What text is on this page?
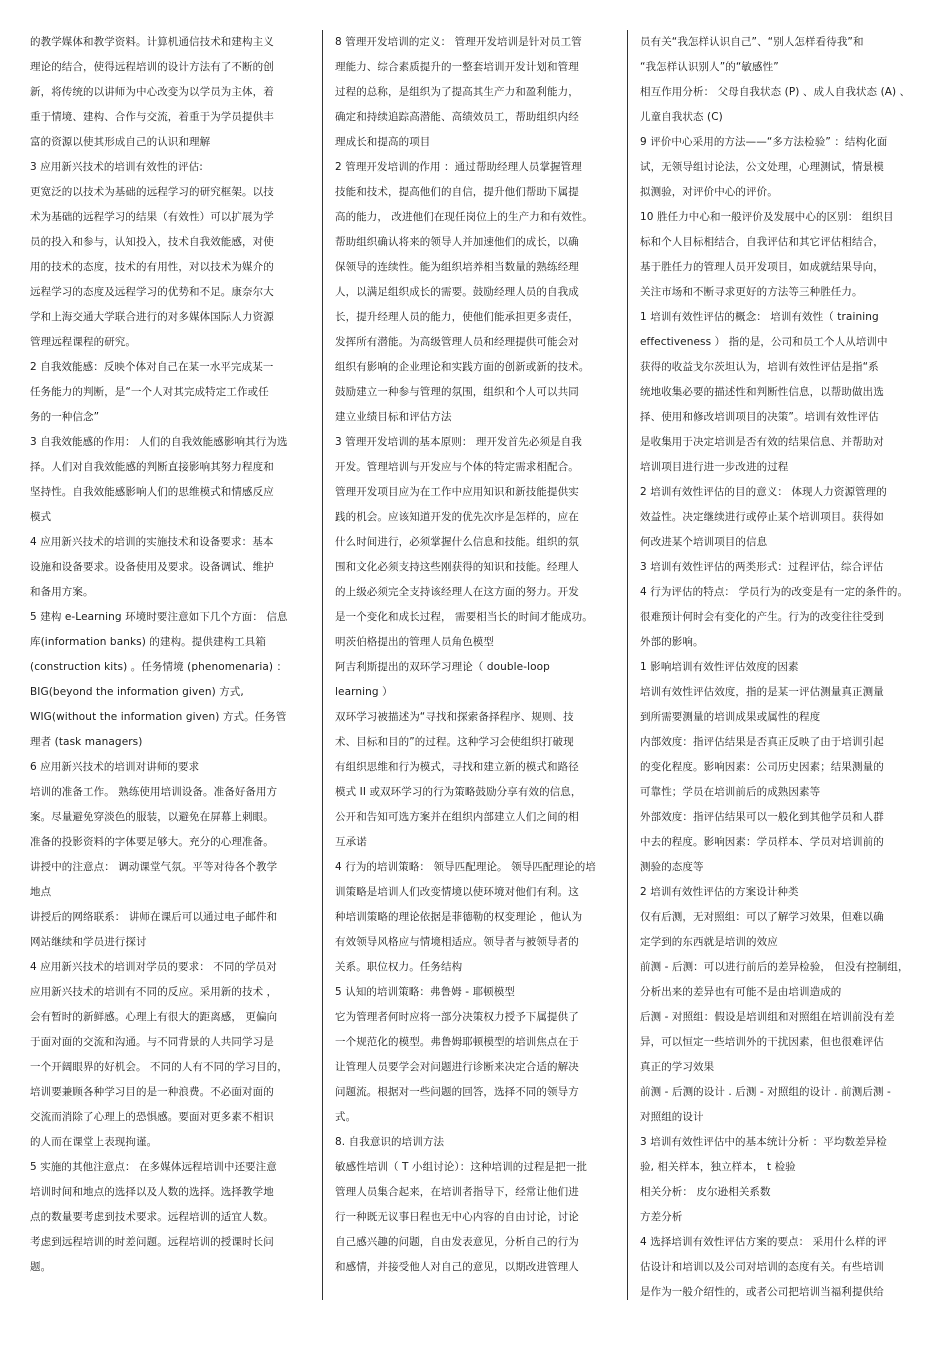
的教学媒体和教学资料。计算机通信技术和建构主义
理论的结合，使得远程培训的设计方法有了不断的创
新，将传统的以讲师为中心改变为以学员为主体，着
重于情境、建构、合作与交流，着重于为学员提供丰
富的资源以使其形成自己的认识和理解
3 应用新兴技术的培训有效性的评估:
更宽泛的以技术为基础的远程学习的研究框架。以技
术为基础的远程学习的结果（有效性）可以扩展为学
员的投入和参与，认知投入，技术自我效能感，对使
用的技术的态度，技术的有用性，对以技术为媒介的
远程学习的态度及远程学习的优势和不足。康奈尔大
学和上海交通大学联合进行的对多媒体国际人力资源
管理远程课程的研究。
2 自我效能感：反映个体对自己在某一水平完成某一
任务能力的判断，是“一个人对其完成特定工作或任
务的一种信念”
3 自我效能感的作用： 人们的自我效能感影响其行为选
择。人们对自我效能感的判断直接影响其努力程度和
坚持性。自我效能感影响人们的思维模式和情感反应
模式
4 应用新兴技术的培训的实施技术和设备要求：基本
设施和设备要求。设备使用及要求。设备调试、维护
和备用方案。
5 建构 e-Learning 环境时要注意如下几个方面： 信息
库(information banks) 的建构。提供建构工具箱
(construction kits) 。任务情境 (phenomenaria) ：
BIG(beyond the information given) 方式,
WIG(without the information given) 方式。任务管
理者 (task managers)
6 应用新兴技术的培训对讲师的要求
培训的准备工作。 熟练使用培训设备。准备好备用方
案。尽量避免穿淡色的服装，以避免在屏幕上刺眼。
准备的投影资料的字体要足够大。充分的心理准备。
讲授中的注意点： 调动课堂气氛。平等对待各个教学
地点
讲授后的网络联系： 讲师在课后可以通过电子邮件和
网站继续和学员进行探讨
4 应用新兴技术的培训对学员的要求： 不同的学员对
应用新兴技术的培训有不同的反应。采用新的技术 ，
会有暂时的新鲜感。心理上有很大的距离感， 更偏向
于面对面的交流和沟通。与不同背景的人共同学习是
一个开阔眼界的好机会。 不同的人有不同的学习目的，
培训要兼顾各种学习目的是一种浪费。不必面对面的
交流而消除了心理上的恐惧感。要面对更多素不相识
的人而在课堂上表现拘谨。
5 实施的其他注意点： 在多媒体远程培训中还要注意
培训时间和地点的选择以及人数的选择。选择教学地
点的数量要考虑到技术要求。远程培训的适宜人数。
考虑到远程培训的时差问题。远程培训的授课时长问
题。
8 管理开发培训的定义： 管理开发培训是针对员工管
理能力、综合素质提升的一整套培训开发计划和管理
过程的总称，是组织为了提高其生产力和盈利能力，
确定和持续追踪高潜能、高绩效员工，帮助组织内经
理成长和提高的项目
2 管理开发培训的作用 ：通过帮助经理人员掌握管理
技能和技术，提高他们的自信，提升他们帮助下属提
高的能力， 改进他们在现任岗位上的生产力和有效性。
帮助组织确认将来的领导人并加速他们的成长，以确
保领导的连续性。能为组织培养相当数量的熟练经理
人，以满足组织成长的需要。鼓励经理人员的自我成
长，提升经理人员的能力，使他们能承担更多责任，
发挥所有潜能。为高级管理人员和经理提供可能会对
组织有影响的企业理论和实践方面的创新或新的技术。
鼓励建立一种参与管理的氛围，组织和个人可以共同
建立业绩目标和评估方法
3 管理开发培训的基本原则： 理开发首先必须是自我
开发。管理培训与开发应与个体的特定需求相配合。
管理开发项目应为在工作中应用知识和新技能提供实
践的机会。应该知道开发的优先次序是怎样的，应在
什么时间进行，必须掌握什么信息和技能。组织的氛
围和文化必须支持这些刚获得的知识和技能。经理人
的上级必须完全支持该经理人在这方面的努力。开发
是一个变化和成长过程， 需要相当长的时间才能成功。
明茨伯格提出的管理人员角色模型
阿吉利斯提出的双环学习理论（ double-loop
learning ）
双环学习被描述为“寻找和探索备择程序、规则、技
术、目标和目的”的过程。这种学习会使组织打破现
有组织思维和行为模式，寻找和建立新的模式和路径
模式 II 或双环学习的行为策略鼓励分享有效的信息，
公开和告知可选方案并在组织内部建立人们之间的相
互承诺
4 行为的培训策略： 领导匹配理论。 领导匹配理论的培
训策略是培训人们改变情境以使环境对他们有利。这
种培训策略的理论依据是菲德勒的权变理论 ，他认为
有效领导风格应与情境相适应。领导者与被领导者的
关系。职位权力。任务结构
5 认知的培训策略：弗鲁姆 - 耶顿模型
它为管理者何时应将一部分决策权力授予下属提供了
一个规范化的模型。弗鲁姆耶顿模型的培训焦点在于
让管理人员要学会对问题进行诊断来决定合适的解决
问题流。根据对一些问题的回答，选择不同的领导方
式。
8. 自我意识的培训方法
敏感性培训（ T 小组讨论）：这种培训的过程是把一批
管理人员集合起来，在培训者指导下，经常让他们进
行一种既无议事日程也无中心内容的自由讨论，讨论
自己感兴趣的问题，自由发表意见，分析自己的行为
和感情，并接受他人对自己的意见，以期改进管理人
员有关“我怎样认识自己”、“别人怎样看待我”和
“我怎样认识别人”的“敏感性”
相互作用分析： 父母自我状态 (P) 、成人自我状态 (A) 、
儿童自我状态 (C)
9 评价中心采用的方法——“多方法检验” ：结构化面
试，无领导组讨论法，公文处理，心理测试，情景模
拟测验，对评价中心的评价。
10 胜任力中心和一般评价及发展中心的区别： 组织目
标和个人目标相结合，自我评估和其它评估相结合，
基于胜任力的管理人员开发项目，如成就结果导向，
关注市场和不断寻求更好的方法等三种胜任力。
1 培训有效性评估的概念： 培训有效性（ training
effectiveness ） 指的是，公司和员工个人从培训中
获得的收益戈尔茨坦认为，培训有效性评估是指“系
统地收集必要的描述性和判断性信息，以帮助做出选
择、使用和修改培训项目的决策”。培训有效性评估
是收集用于决定培训是否有效的结果信息、并帮助对
培训项目进行进一步改进的过程
2 培训有效性评估的目的意义： 体现人力资源管理的
效益性。决定继续进行或停止某个培训项目。获得如
何改进某个培训项目的信息
3 培训有效性评估的两类形式：过程评估，综合评估
4 行为评估的特点： 学员行为的改变是有一定的条件的。
很难预计何时会有变化的产生。行为的改变往往受到
外部的影响。
1 影响培训有效性评估效度的因素
培训有效性评估效度，指的是某一评估测量真正测量
到所需要测量的培训成果或属性的程度
内部效度：指评估结果是否真正反映了由于培训引起
的变化程度。影响因素：公司历史因素；结果测量的
可靠性；学员在培训前后的成熟因素等
外部效度：指评估结果可以一般化到其他学员和人群
中去的程度。影响因素：学员样本、学员对培训前的
测验的态度等
2 培训有效性评估的方案设计种类
仅有后测，无对照组：可以了解学习效果，但难以确
定学到的东西就是培训的效应
前测 - 后测：可以进行前后的差异检验， 但没有控制组，
分析出来的差异也有可能不是由培训造成的
后测 - 对照组：假设是培训组和对照组在培训前没有差
异，可以恒定一些培训外的干扰因素，但也很难评估
真正的学习效果
前测 - 后测的设计 . 后测 - 对照组的设计 . 前测后测 -
对照组的设计
3 培训有效性评估中的基本统计分析 ：平均数差异检
验, 相关样本，独立样本， t 检验
相关分析： 皮尔逊相关系数
方差分析
4 选择培训有效性评估方案的要点： 采用什么样的评
估设计和培训以及公司对培训的态度有关。有些培训
是作为一般介绍性的，或者公司把培训当福利提供给
